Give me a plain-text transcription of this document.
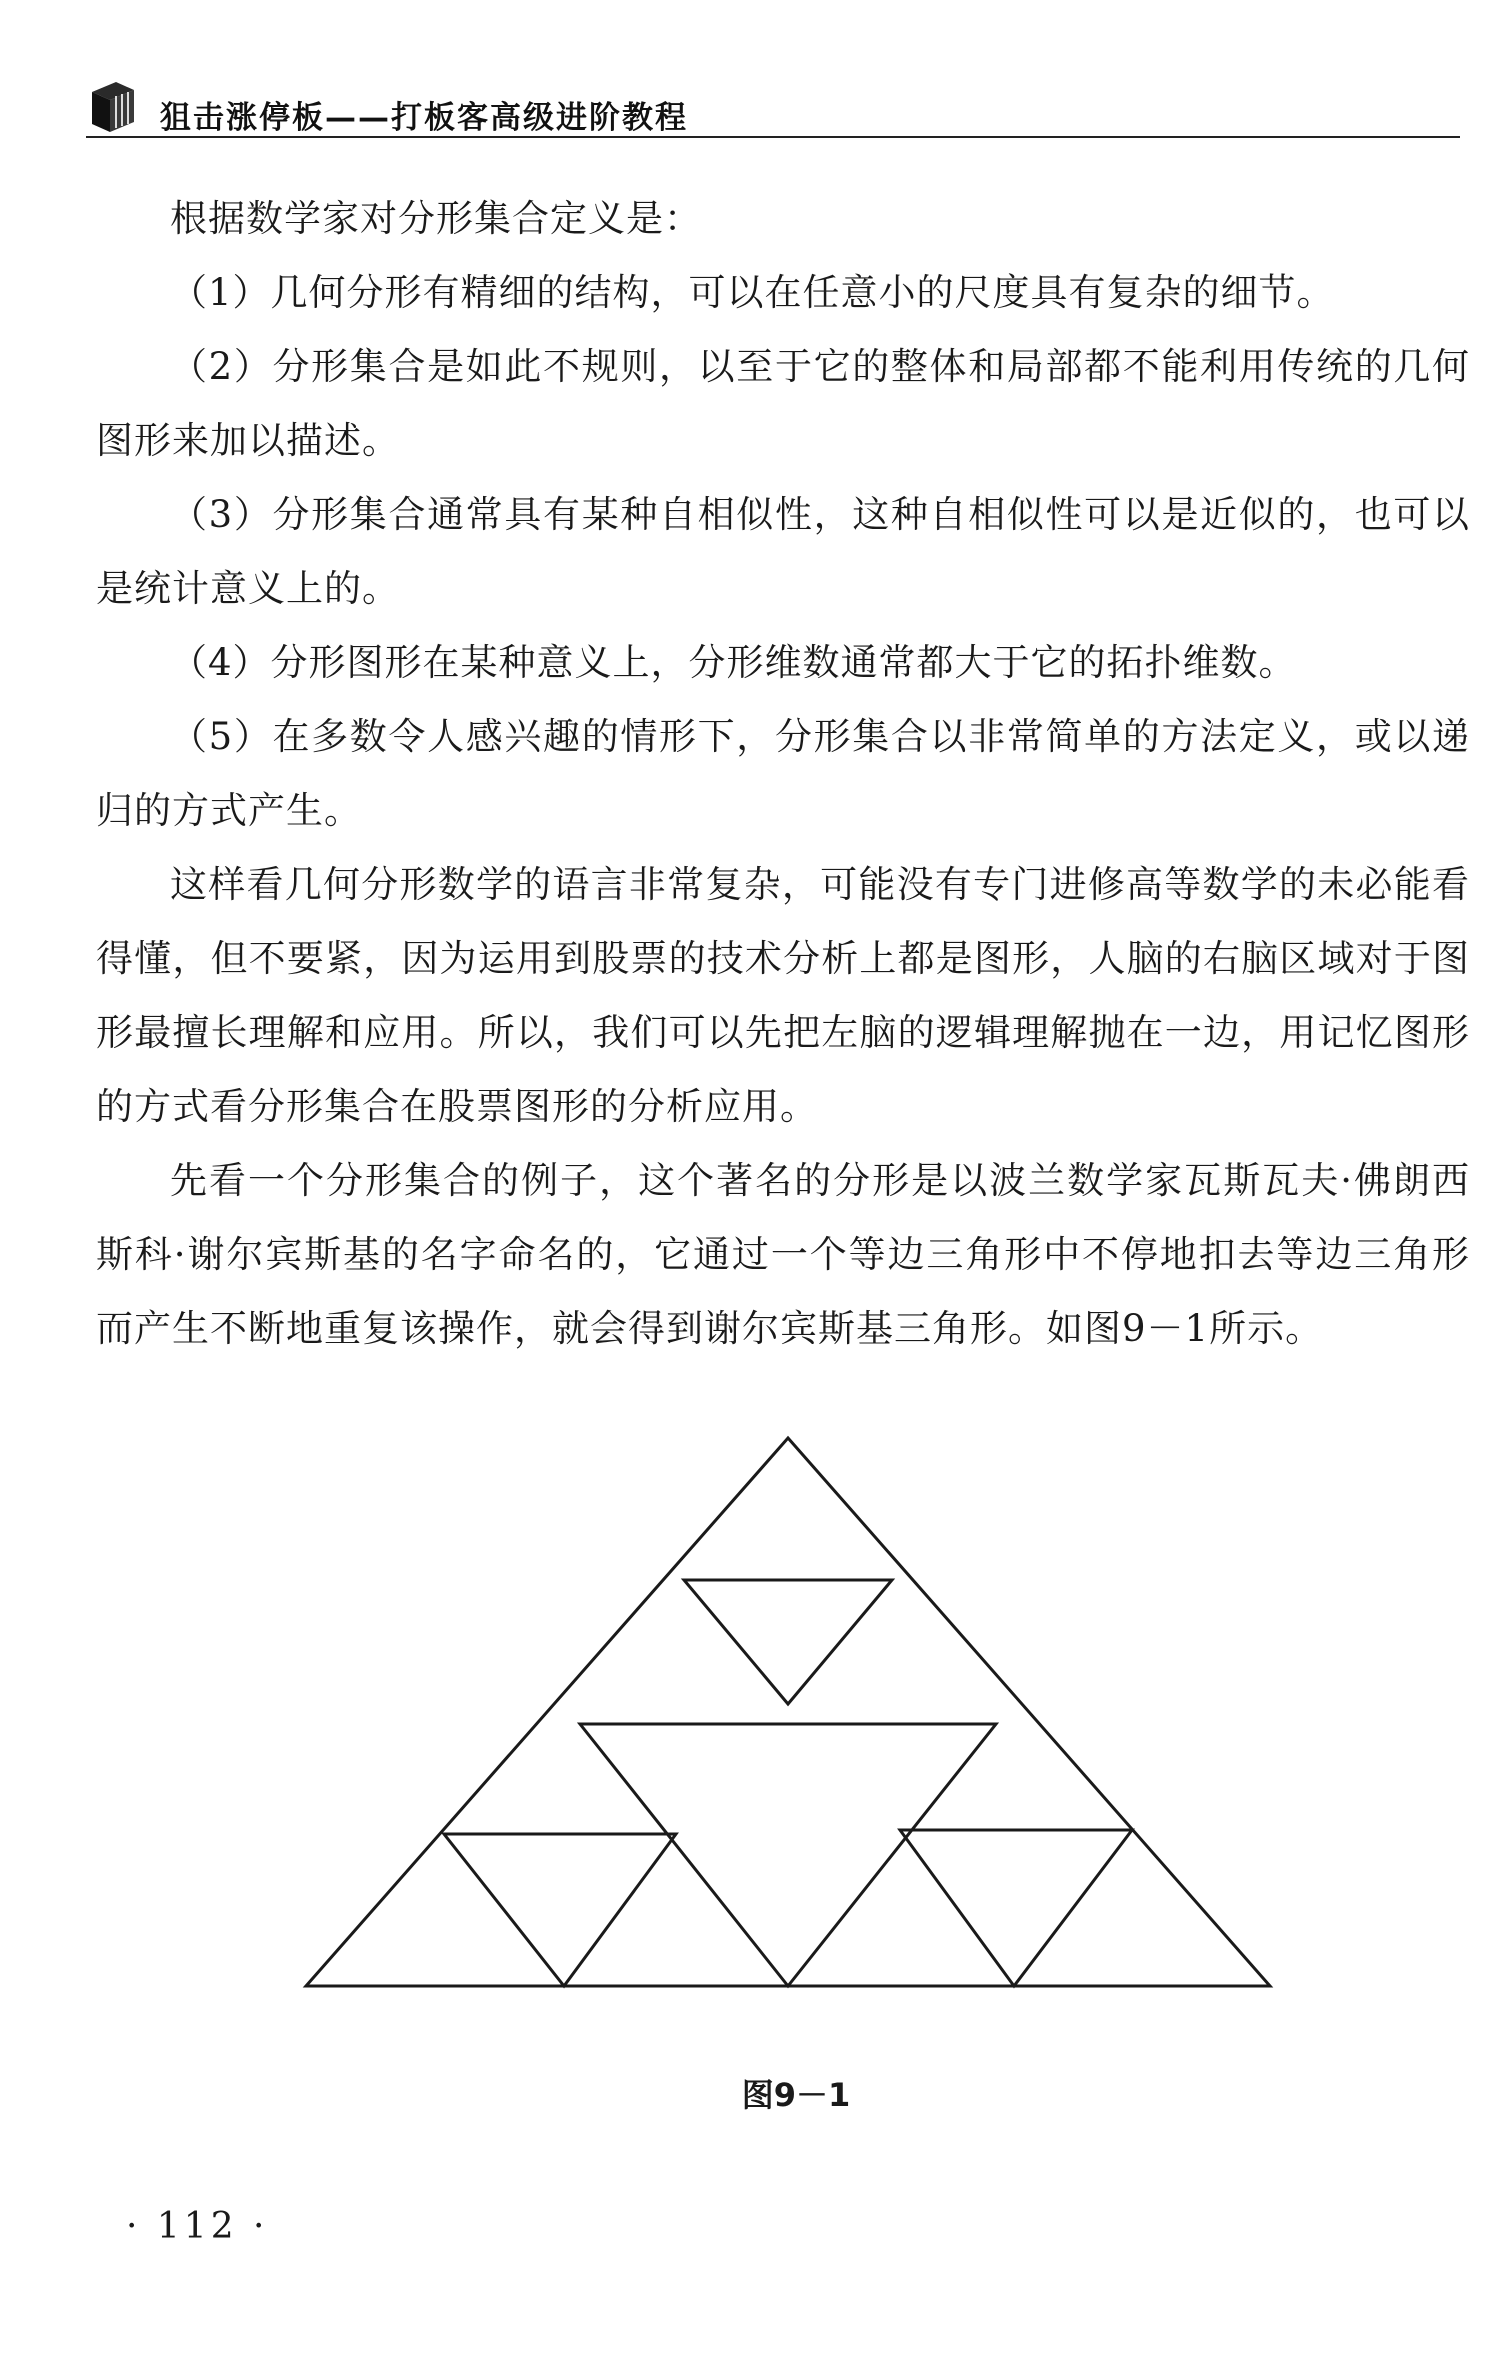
狙击涨停板——打板客高级进阶教程

根据数学家对分形集合定义是：

（1）几何分形有精细的结构，可以在任意小的尺度具有复杂的细节。

（2）分形集合是如此不规则，以至于它的整体和局部都不能利用传统的几何图形来加以描述。

（3）分形集合通常具有某种自相似性，这种自相似性可以是近似的，也可以是统计意义上的。

（4）分形图形在某种意义上，分形维数通常都大于它的拓扑维数。

（5）在多数令人感兴趣的情形下，分形集合以非常简单的方法定义，或以递归的方式产生。

这样看几何分形数学的语言非常复杂，可能没有专门进修高等数学的未必能看得懂，但不要紧，因为运用到股票的技术分析上都是图形，人脑的右脑区域对于图形最擅长理解和应用。所以，我们可以先把左脑的逻辑理解抛在一边，用记忆图形的方式看分形集合在股票图形的分析应用。

先看一个分形集合的例子，这个著名的分形是以波兰数学家瓦斯瓦夫·佛朗西斯科·谢尔宾斯基的名字命名的，它通过一个等边三角形中不停地扣去等边三角形而产生不断地重复该操作，就会得到谢尔宾斯基三角形。如图9－1所示。

图9－1
· 112 ·
